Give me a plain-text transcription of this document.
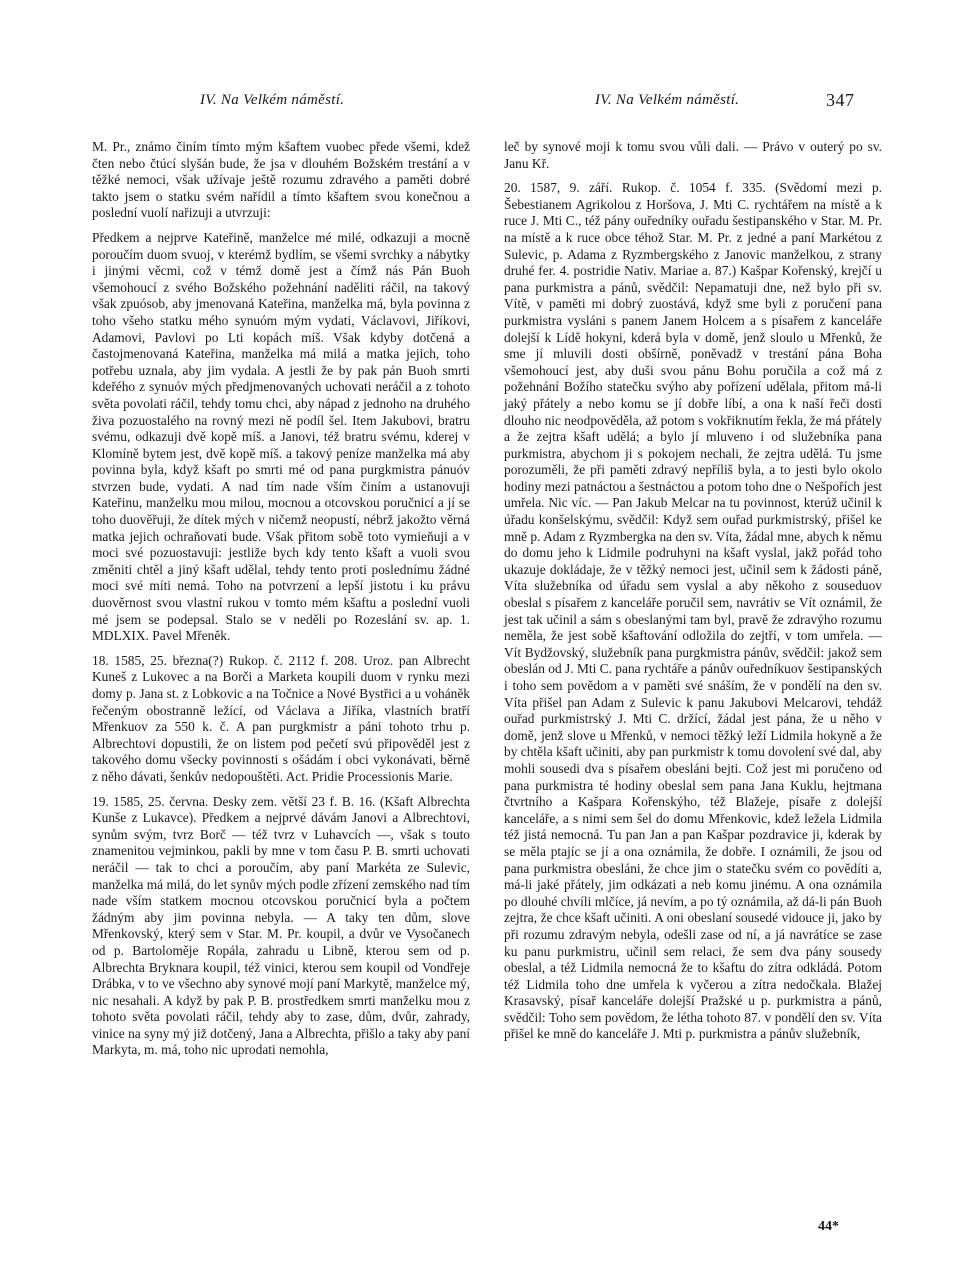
IV. Na Velkém náměstí.	IV. Na Velkém náměstí.	347

M. Pr., známo činím tímto mým kšaftem vuobec přede všemi, kdež čten nebo čtúcí slyšán bude, že jsa v dlouhém Božském trestání a v těžké nemoci, však užívaje ještě rozumu zdravého a paměti dobré takto jsem o statku svém nařídil a tímto kšaftem svou konečnou a poslední vuolí nařizuji a utvrzuji:

Předkem a nejprve Kateřině, manželce mé milé, odkazuji a mocně poroučím duom svuoj, v kterémž bydlím, se všemi svrchky a nábytky i jinými věcmi, což v témž domě jest a čímž nás Pán Buoh všemohoucí z svého Božského požehnání naděliti ráčil, na takový však zpuósob, aby jmenovaná Kateřina, manželka má, byla povinna z toho všeho statku mého synuóm mým vydati, Václavovi, Jiříkovi, Adamovi, Pavlovi po Lti kopách míš. Však kdyby dotčená a častojmenovaná Kateřina, manželka má milá a matka jejich, toho potřebu uznala, aby jim vydala. A jestli že by pak pán Buoh smrti kdeřého z synuóv mých předjmenovaných uchovati neráčil a z tohoto světa povolati ráčil, tehdy tomu chci, aby nápad z jednoho na druhého živa pozuostalého na rovný mezi ně podíl šel. Item Jakubovi, bratru svému, odkazuji dvě kopě míš. a Janovi, též bratru svému, kderej v Klomíně bytem jest, dvě kopě míš. a takový peníze manželka má aby povinna byla, když kšaft po smrti mé od pana purgkmistra pánuóv stvrzen bude, vydati. A nad tím nade vším činím a ustanovuji Kateřinu, manželku mou milou, mocnou a otcovskou poručnicí a jí se toho duověřuji, že dítek mých v ničemž neopustí, nébrž jakožto věrná matka jejich ochraňovati bude. Však přitom sobě toto vymieňuji a v moci své pozuostavuji: jestliže bych kdy tento kšaft a vuoli svou změniti chtěl a jiný kšaft udělal, tehdy tento proti poslednímu žádné moci své míti nemá. Toho na potvrzení a lepší jistotu i ku právu duověrnost svou vlastní rukou v tomto mém kšaftu a poslední vuoli mé jsem se podepsal. Stalo se v neděli po Rozeslání sv. ap. 1. MDLXIX. Pavel Mřeněk.

18. 1585, 25. března(?) Rukop. č. 2112 f. 208. Uroz. pan Albrecht Kuneš z Lukovec a na Borči a Marketa koupili duom v rynku mezi domy p. Jana st. z Lobkovic a na Točnice a Nové Bystřici a u voháněk řečeným obostranně ležící, od Václava a Jiříka, vlastních bratří Mřenkuov za 550 k. č. A pan purgkmistr a páni tohoto trhu p. Albrechtovi dopustili, že on listem pod pečetí svú připověděl jest z takového domu všecky povinnosti s ošádám i obci vykonávati, běrně z něho dávati, šenkův nedopouštěti. Act. Pridie Processionis Marie.

19. 1585, 25. června. Desky zem. větší 23 f. B. 16. (Kšaft Albrechta Kunše z Lukavce). Předkem a nejprvé dávám Janovi a Albrechtovi, synům svým, tvrz Borč — též tvrz v Luhavcích —, však s touto znamenitou vejminkou, pakli by mne v tom času P. B. smrti uchovati neráčil — tak to chci a poroučím, aby paní Markéta ze Sulevic, manželka má milá, do let synův mých podle zřízení zemského nad tím nade vším statkem mocnou otcovskou poručnicí byla a počtem žádným aby jim povinna nebyla. — A taky ten dům, slove Mřenkovský, který sem v Star. M. Pr. koupil, a dvůr ve Vysočanech od p. Bartoloměje Ropála, zahradu u Libně, kterou sem od p. Albrechta Bryknara koupil, též vinici, kterou sem koupil od Vondřeje Drábka, v to ve všechno aby synové mojí paní Markytě, manželce mý, nic nesahali. A když by pak P. B. prostředkem smrti manželku mou z tohoto světa povolati ráčil, tehdy aby to zase, dům, dvůr, zahrady, vinice na syny mý již dotčený, Jana a Albrechta, přišlo a taky aby paní Markyta, m. má, toho nic uprodati nemohla,

leč by synové moji k tomu svou vůli dali. — Právo v outerý po sv. Janu Kř.

20. 1587, 9. září. Rukop. č. 1054 f. 335. (Svědomí mezi p. Šebestianem Agrikolou z Horšova, J. Mti C. rychtářem na místě a k ruce J. Mti C., též pány ouředníky ouřadu šestipanského v Star. M. Pr. na místě a k ruce obce téhož Star. M. Pr. z jedné a paní Markétou z Sulevic, p. Adama z Ryzmbergského z Janovic manželkou, z strany druhé fer. 4. postridie Nativ. Mariae a. 87.) Kašpar Kořenský, krejčí u pana purkmistra a pánů, svědčil: Nepamatuji dne, než bylo při sv. Vítě, v paměti mi dobrý zuostává, když sme byli z poručení pana purkmistra vysláni s panem Janem Holcem a s písařem z kanceláře dolejší k Lídě hokyni, kderá byla v domě, jenž sloulo u Mřenků, že sme jí mluvili dosti obšírně, poněvadž v trestání pána Boha všemohoucí jest, aby duši svou pánu Bohu poručila a což má z požehnání Božího statečku svýho aby pořízení udělala, přitom má-li jaký přátely a nebo komu se jí dobře líbí, a ona k naší řeči dosti dlouho nic neodpověděla, až potom s vokřiknutím řekla, že má přátely a že zejtra kšaft udělá; a bylo jí mluveno i od služebníka pana purkmistra, abychom ji s pokojem nechali, že zejtra udělá. Tu jsme porozuměli, že při paměti zdravý nepříliš byla, a to jesti bylo okolo hodiny mezi patnáctou a šestnáctou a potom toho dne o Nešpořích jest umřela. Nic víc. — Pan Jakub Melcar na tu povinnost, kterúž učinil k úřadu konšelskýmu, svědčil: Když sem ouřad purkmistrský, přišel ke mně p. Adam z Ryzmbergka na den sv. Víta, žádal mne, abych k němu do domu jeho k Lidmile podruhyni na kšaft vyslal, jakž pořád toho ukazuje dokládaje, že v těžký nemoci jest, učinil sem k žádosti páně, Víta služebníka od úřadu sem vyslal a aby někoho z souseduov obeslal s písařem z kanceláře poručil sem, navrátiv se Vít oznámil, že jest tak učinil a sám s obeslanými tam byl, pravě že zdravýho rozumu neměla, že jest sobě kšaftování odložila do zejtří, v tom umřela. — Vít Bydžovský, služebník pana purgkmistra pánův, svědčil: jakož sem obeslán od J. Mti C. pana rychtáře a pánův ouředníkuov šestipanských i toho sem povědom a v paměti své snáším, že v pondělí na den sv. Víta přišel pan Adam z Sulevic k panu Jakubovi Melcarovi, tehdáž ouřad purkmistrský J. Mti C. držící, žádal jest pána, že u něho v domě, jenž slove u Mřenků, v nemoci těžký leží Lidmila hokyně a že by chtěla kšaft učiniti, aby pan purkmistr k tomu dovolení své dal, aby mohli sousedi dva s písařem obesláni bejti. Což jest mi poručeno od pana purkmistra té hodiny obeslal sem pana Jana Kuklu, hejtmana čtvrtního a Kašpara Kořenskýho, též Blažeje, písaře z dolejší kanceláře, a s nimi sem šel do domu Mřenkovic, kdež ležela Lidmila též jistá nemocná. Tu pan Jan a pan Kašpar pozdravice ji, kderak by se měla ptajíc se jí a ona oznámila, že dobře. I oznámili, že jsou od pana purkmistra obesláni, že chce jim o statečku svém co povědíti a, má-li jaké přátely, jim odkázati a neb komu jinému. A ona oznámila po dlouhé chvíli mlčíce, já nevím, a po tý oznámila, až dá-li pán Buoh zejtra, že chce kšaft učiniti. A oni obeslaní sousedé vidouce ji, jako by při rozumu zdravým nebyla, odešli zase od ní, a já navrátíce se zase ku panu purkmistru, učinil sem relaci, že sem dva pány sousedy obeslal, a též Lidmila nemocná že to kšaftu do zítra odkládá. Potom též Lidmila toho dne umřela k vyčerou a zítra nedočkala. Blažej Krasavský, písař kanceláře dolejší Pražské u p. purkmistra a pánů, svědčil: Toho sem povědom, že létha tohoto 87. v pondělí den sv. Víta přišel ke mně do kanceláře J. Mti p. purkmistra a pánův služebník,

44*
